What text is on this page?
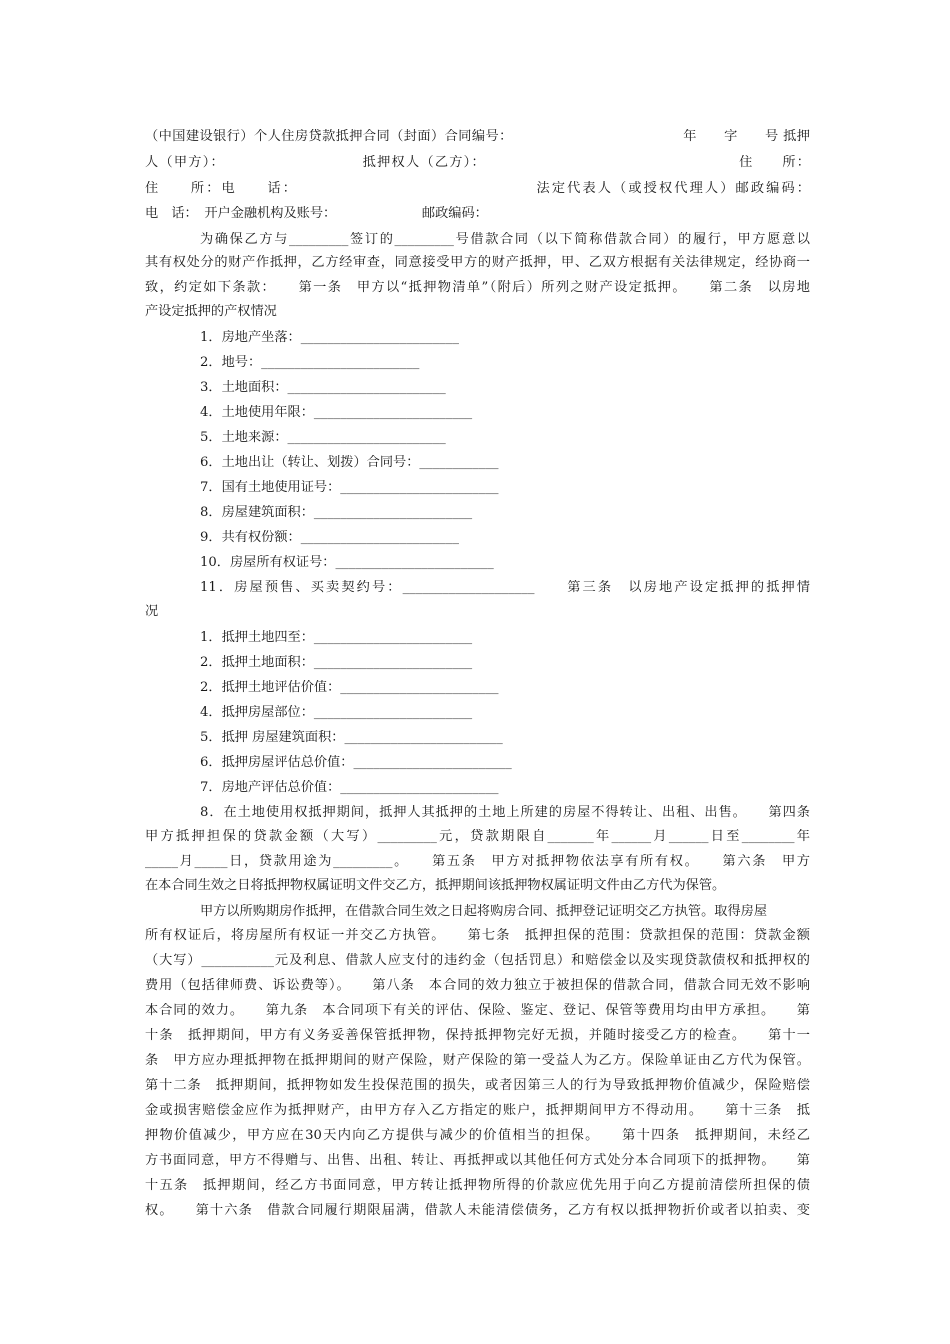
（中国建设银行）个人住房贷款抵押合同（封面）合同编号：　　　　　　　　　　　　　年　　字　　号 抵押
人（甲方）：　　　　　　　　　　抵押权人（乙方）：　　　　　　　　　　　　　　　　　　住　　所：
住　　所：电　　话：　　　　　　　　　　　　　　　　法定代表人（或授权代理人）邮政编码：
电　话：　开户金融机构及账号：　　　　　　　邮政编码：
为确保乙方与_________签订的_________号借款合同（以下简称借款合同）的履行，甲方愿意以
其有权处分的财产作抵押，乙方经审查，同意接受甲方的财产抵押，甲、乙双方根据有关法律规定，经协商一
致，约定如下条款：　　第一条　甲方以“抵押物清单”（附后）所列之财产设定抵押。　　第二条　以房地
产设定抵押的产权情况
1．房地产坐落：________________________
2．地号：________________________
3．土地面积：________________________
4．土地使用年限：________________________
5．土地来源：________________________
6．土地出让（转让、划拨）合同号：____________
7．国有土地使用证号：________________________
8．房屋建筑面积：________________________
9．共有权份额：________________________
10．房屋所有权证号：________________________
11．房屋预售、买卖契约号：____________________　　第三条　以房地产设定抵押的抵押情
况
1．抵押土地四至：________________________
2．抵押土地面积：________________________
2．抵押土地评估价值：________________________
4．抵押房屋部位：________________________
5．抵押 房屋建筑面积：________________________
6．抵押房屋评估总价值：________________________
7．房地产评估总价值：________________________
8．在土地使用权抵押期间，抵押人其抵押的土地上所建的房屋不得转让、出租、出售。　　第四条
甲方抵押担保的贷款金额（大写）_________元，贷款期限自_______年______月______日至________年
_____月_____日，贷款用途为_________。　　第五条　甲方对抵押物依法享有所有权。　　第六条　甲方
在本合同生效之日将抵押物权属证明文件交乙方，抵押期间该抵押物权属证明文件由乙方代为保管。
甲方以所购期房作抵押，在借款合同生效之日起将购房合同、抵押登记证明交乙方执管。取得房屋
所有权证后，将房屋所有权证一并交乙方执管。　　第七条　抵押担保的范围：贷款担保的范围：贷款金额
（大写）___________元及利息、借款人应支付的违约金（包括罚息）和赔偿金以及实现贷款债权和抵押权的
费用（包括律师费、诉讼费等）。　　第八条　本合同的效力独立于被担保的借款合同，借款合同无效不影响
本合同的效力。　　第九条　本合同项下有关的评估、保险、鉴定、登记、保管等费用均由甲方承担。　　第
十条　抵押期间，甲方有义务妥善保管抵押物，保持抵押物完好无损，并随时接受乙方的检查。　　第十一
条　甲方应办理抵押物在抵押期间的财产保险，财产保险的第一受益人为乙方。保险单证由乙方代为保管。
第十二条　抵押期间，抵押物如发生投保范围的损失，或者因第三人的行为导致抵押物价值减少，保险赔偿
金或损害赔偿金应作为抵押财产，由甲方存入乙方指定的账户，抵押期间甲方不得动用。　　第十三条　抵
押物价值减少，甲方应在30天内向乙方提供与减少的价值相当的担保。　　第十四条　抵押期间，未经乙
方书面同意，甲方不得赠与、出售、出租、转让、再抵押或以其他任何方式处分本合同项下的抵押物。　　第
十五条　抵押期间，经乙方书面同意，甲方转让抵押物所得的价款应优先用于向乙方提前清偿所担保的债
权。　　第十六条　借款合同履行期限届满，借款人未能清偿债务，乙方有权以抵押物折价或者以拍卖、变
